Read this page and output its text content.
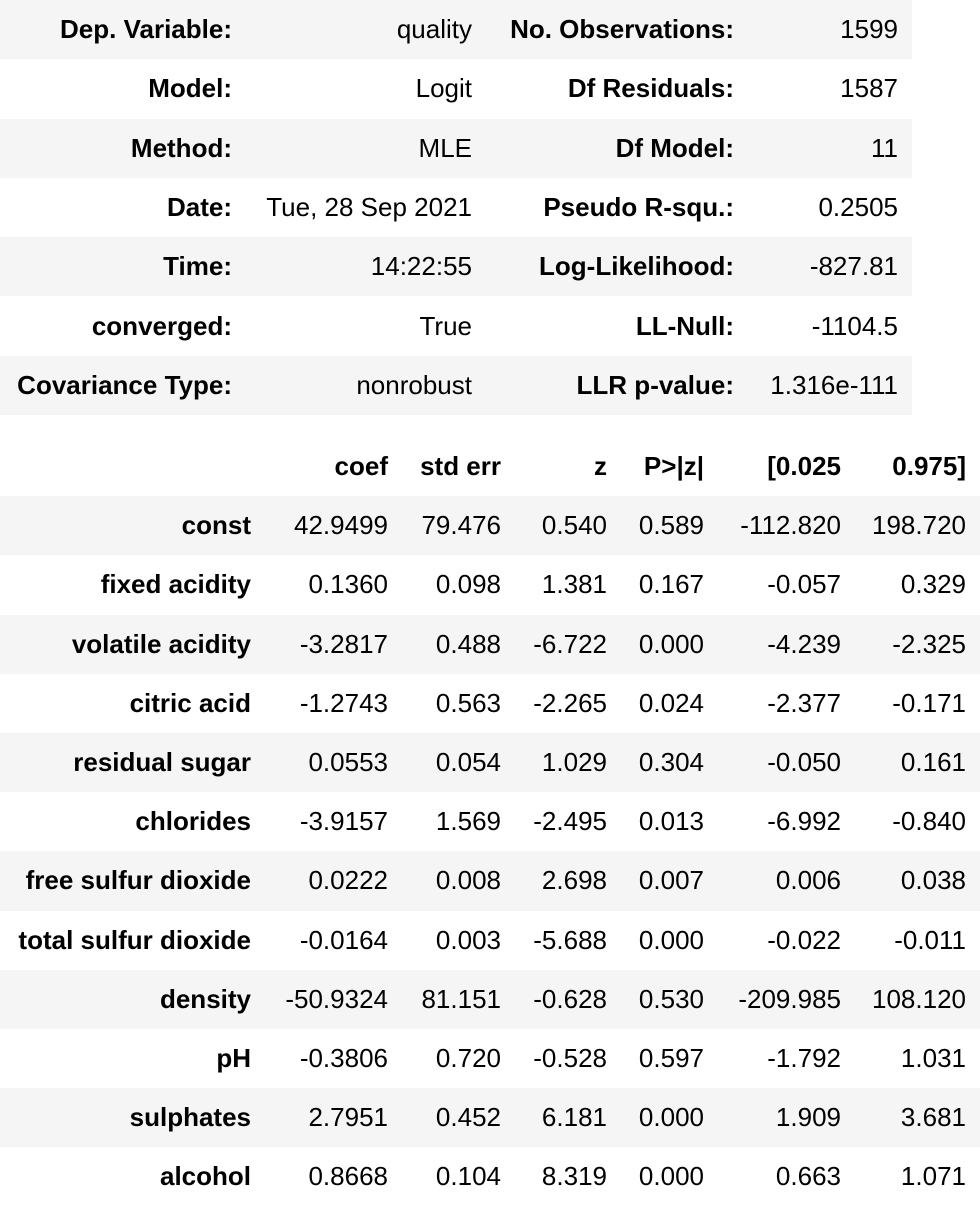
Dep. Variable:	quality	No. Observations:	1599
Model:	Logit	Df Residuals:	1587
Method:	MLE	Df Model:	11
Date:	Tue, 28 Sep 2021	Pseudo R-squ.:	0.2505
Time:	14:22:55	Log-Likelihood:	-827.81
converged:	True	LL-Null:	-1104.5
Covariance Type:	nonrobust	LLR p-value:	1.316e-111
	coef	std err	z	P>|z|	[0.025	0.975]
const	42.9499	79.476	0.540	0.589	-112.820	198.720
fixed acidity	0.1360	0.098	1.381	0.167	-0.057	0.329
volatile acidity	-3.2817	0.488	-6.722	0.000	-4.239	-2.325
citric acid	-1.2743	0.563	-2.265	0.024	-2.377	-0.171
residual sugar	0.0553	0.054	1.029	0.304	-0.050	0.161
chlorides	-3.9157	1.569	-2.495	0.013	-6.992	-0.840
free sulfur dioxide	0.0222	0.008	2.698	0.007	0.006	0.038
total sulfur dioxide	-0.0164	0.003	-5.688	0.000	-0.022	-0.011
density	-50.9324	81.151	-0.628	0.530	-209.985	108.120
pH	-0.3806	0.720	-0.528	0.597	-1.792	1.031
sulphates	2.7951	0.452	6.181	0.000	1.909	3.681
alcohol	0.8668	0.104	8.319	0.000	0.663	1.071
